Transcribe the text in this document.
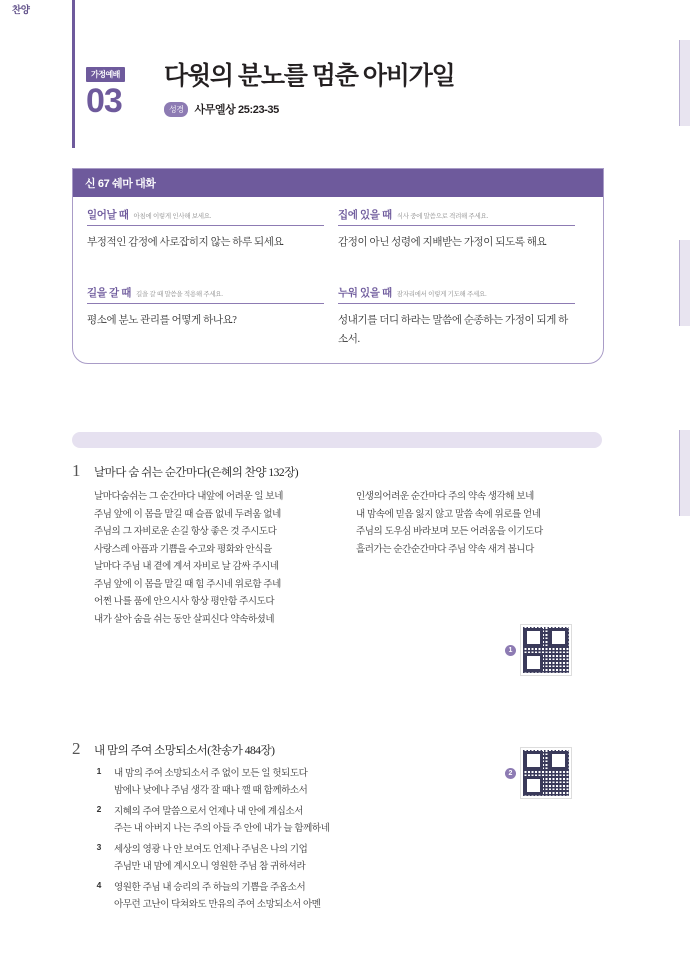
가정예배
03
다윗의 분노를 멈춘 아비가일
성경	사무엘상 25:23-35
신 67 쉐마 대화
일어날 때 아침에 이렇게 인사해 보세요.
부정적인 감정에 사로잡히지 않는 하루 되세요
길을 갈 때 길을 갈 때 말씀을 적용해 주세요.
평소에 분노 관리를 어떻게 하나요?
집에 있을 때 식사 중에 말씀으로 격려해 주세요.
감정이 아닌 성령에 지배받는 가정이 되도록 해요
누워 있을 때 잠자리에서 이렇게 기도해 주세요.
성내기를 더디 하라는 말씀에 순종하는 가정이 되게 하소서.
찬양
1	날마다 숨 쉬는 순간마다(은혜의 찬양 132장)
날마다숨쉬는 그 순간마다 내앞에 어려운 일 보네
주님 앞에 이 몸을 맡길 때 슬픔 없네 두려움 없네
주님의 그 자비로운 손길 항상 좋은 것 주시도다
사랑스레 아픔과 기쁨을 수고와 평화와 안식을
날마다 주님 내 곁에 계셔 자비로 날 감싸 주시네
주님 앞에 이 몸을 맡길 때 힘 주시네 위로함 주네
어쩐 나를 품에 안으시사 항상 평안함 주시도다
내가 살아 숨을 쉬는 동안 살피신다 약속하셨네
인생의어려운 순간마다 주의 약속 생각해 보네
내 맘속에 믿음 잃지 않고 말씀 속에 위로를 얻네
주님의 도우심 바라보며 모든 어려움을 이기도다
흘러가는 순간순간마다 주님 약속 새겨 봅니다
2	내 맘의 주여 소망되소서(찬송가 484장)
1 내 맘의 주여 소망되소서 주 없이 모든 일 헛되도다
밤에나 낮에나 주님 생각 잘 때나 깰 때 함께하소서
2 지혜의 주여 말씀으로서 언제나 내 안에 계십소서
주는 내 아버지 나는 주의 아들 주 안에 내가 늘 함께하네
3 세상의 영광 나 안 보여도 언제나 주님은 나의 기업
주님만 내 맘에 계시오니 영원한 주님 참 귀하셔라
4 영원한 주님 내 승리의 주 하늘의 기쁨을 주옵소서
아무런 고난이 닥쳐와도 만유의 주여 소망되소서 아멘
1
2
